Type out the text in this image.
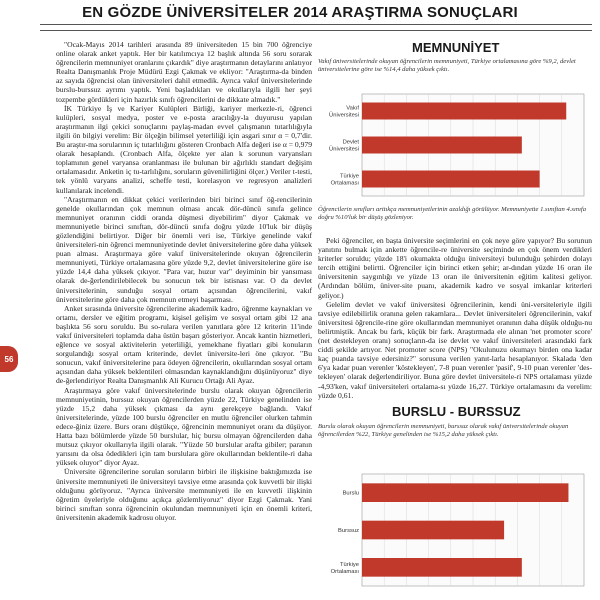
EN GÖZDE ÜNİVERSİTELER 2014 ARAŞTIRMA SONUÇLARI
56

"Ocak-Mayıs 2014 tarihleri arasında 89 üniversiteden 15 bin 700 öğrenciye online olarak anket yaptık. Her bir katılımcıya 12 başlık altında 56 soru sorarak öğrencilerin memnuniyet oranlarını çıkardık" diye araştırmanın detaylarını anlatıyor Realta Danışmanlık Proje Müdürü Ezgi Çakmak ve ekliyor: "Araştırma-da binden az sayıda öğrencisi olan üniversiteleri dahil etmedik. Ayrıca vakıf üniversitelerinde burslu-burssuz ayrımı yaptık. Yeni başladıkları ve okullarıyla ilgili her şeyi tozpembe gördükleri için hazırlık sınıfı öğrencilerini de dikkate almadık."

İK Türkiye İş ve Kariyer Kulüpleri Birliği, kariyer merkezle-ri, öğrenci kulüpleri, sosyal medya, poster ve e-posta aracılığıy-la duyurusu yapılan araştırmanın ilgi çekici sonuçlarını paylaş-madan evvel çalışmanın tutarlılığıyla ilgili ön bilgiyi verelim: Bir ölçeğin bilimsel yeterliliği için asgari sınır α = 0,7'dir. Bu araştır-ma sorularının iç tutarlılığını gösteren Cronbach Alfa değeri ise α = 0,979 olarak hesaplandı. (Cronbach Alfa, ölçekte yer alan k sorunun varyansları toplamının genel varyansa oranlanması ile bulunan bir ağırlıklı standart değişim ortalamasıdır. Anketin iç tu-tarlılığını, soruların güvenilirliğini ölçer.) Veriler t-testi, tek yönlü varyans analizi, scheffe testi, korelasyon ve regresyon analizleri kullanılarak incelendi.

"Araştırmanın en dikkat çekici verilerinden biri birinci sınıf öğ-rencilerinin genelde okullarından çok memnun olması ancak dör-düncü sınıfa gelince memnuniyet oranının ciddi oranda düşmesi diyebilirim" diyor Çakmak ve memnuniyetle birinci sınıftan, dör-düncü sınıfa doğru yüzde 10'luk bir düşüş gözlendiğini belirtiyor. Diğer bir önemli veri ise, Türkiye genelinde vakıf üniversiteleri-nin öğrenci memnuniyetinde devlet üniversitelerine göre daha yüksek puan alması. Araştırmaya göre vakıf üniversitelerinde okuyan öğrencilerin memnuniyeti, Türkiye ortalamasına göre yüzde 9,2, devlet üniversitelerine göre ise yüzde 14,4 daha yüksek çıkıyor. "Para var, huzur var" deyiminin bir yansıması olarak de-ğerlendirilebilecek bu sonucun tek bir istisnası var. O da devlet üniversitelerinin, sunduğu sosyal ortam açısından öğrencilerini, vakıf üniversitelerine göre daha çok memnun etmeyi başarması.

Anket sırasında üniversite öğrencilerine akademik kadro, öğrenme kaynakları ve ortamı, dersler ve eğitim programı, kişisel gelişim ve sosyal ortam gibi 12 ana başlıkta 56 soru soruldu. Bu so-rulara verilen yanıtlara göre 12 kriterin 11'inde vakıf üniversiteleri toplamda daha üstün başarı gösteriyor. Ancak kantin hizmetleri, eğlence ve sosyal aktivitelerin yeterliliği, yemekhane fiyatları gibi konuların sorgulandığı sosyal ortam kriterinde, devlet üniversite-leri öne çıkıyor. "Bu sonucun, vakıf üniversitelerine para ödeyen öğrencilerin, okullarından sosyal ortam açısından daha yüksek beklentileri olmasından kaynaklandığını düşünüyoruz" diye de-ğerlendiriyor Realta Danışmanlık Ali Kurucu Ortağı Ali Ayaz.

Araştırmaya göre vakıf üniversitelerinde burslu olarak okuyan öğrencilerin memnuniyetinin, burssuz okuyan öğrencilerden yüzde 22, Türkiye genelinden ise yüzde 15,2 daha yüksek çıkması da aynı gerekçeye bağlandı. Vakıf üniversitelerinde, yüzde 100 burslu öğrenciler en mutlu öğrenciler olurken tahmin edece-ğiniz üzere. Burs oranı düştükçe, öğrencinin memnuniyet oranı da düşüyor. Hatta bazı bölümlerde yüzde 50 burslular, hiç bursu olmayan öğrencilerden daha mutsuz çıkıyor okullarıyla ilgili olarak. "Yüzde 50 burslular arafta gibiler; paranın yarısını da olsa ödedikleri için tam burslulara göre okullarından beklentile-ri daha yüksek oluyor" diyor Ayaz.

Üniversite öğrencilerine sorulan soruların birbiri ile ilişkisine baktığımızda ise üniversite memnuniyeti ile üniversiteyi tavsiye etme arasında çok kuvvetli bir ilişki olduğunu görüyoruz. "Ayrıca üniversite memnuniyeti ile en kuvvetli ilişkinin öğretim üyeleriyle olduğunu açıkça gözlemliyoruz" diyor Ezgi Çakmak. Yani birinci sınıftan sonra öğrencinin okulundan memnuniyeti için en önemli kriteri, üniversitenin akademik kadrosu oluyor.

MEMNUNİYET
Vakıf üniversitelerinde okuyan öğrencilerin memnuniyeti, Türkiye ortalamasına göre %9,2, devlet üniversitelerine göre ise %14,4 daha yüksek çıktı.
Vakıf Üniversitesi
Devlet Üniversitesi
Türkiye Ortalaması
Öğrencilerin sınıfları arttıkça memnuniyetlerinin azaldığı görülüyor. Memnuniyette 1.sınıftan 4.sınıfa doğru %10'luk bir düşüş gözleniyor.

Peki öğrenciler, en başta üniversite seçimlerini en çok neye göre yapıyor? Bu sorunun yanıtını bulmak için ankette öğrencile-re üniversite seçiminde en çok önem verdikleri kriterler soruldu; yüzde 18'i okumakta olduğu üniversiteyi bulunduğu şehirden dolayı tercih ettiğini belirtti. Öğrenciler için birinci etken şehir; ar-dından yüzde 16 oran ile üniversitenin saygınlığı ve yüzde 13 oran ile üniversitenin eğitim kalitesi geliyor. (Ardından bölüm, üniver-site puanı, akademik kadro ve sosyal imkanlar kriterleri geliyor.)

Gelelim devlet ve vakıf üniversitesi öğrencilerinin, kendi üni-versiteleriyle ilgili tavsiye edilebilirlik oranına gelen rakamlara... Devlet üniversiteleri öğrencilerinin, vakıf üniversitesi öğrencile-rine göre okullarından memnuniyet oranının daha düşük olduğu-nu belirtmiştik. Ancak bu fark, küçük bir fark. Araştırmada ele alınan 'net promoter score' (net destekleyen oranı) sonuçların-da ise devlet ve vakıf üniversiteleri arasındaki fark ciddi şekilde artıyor. Net promoter score (NPS) "Okulunuzu okumayı birden ona kadar kaç puanda tavsiye edersiniz?" sorusuna verilen yanıt-larla hesaplanıyor. Skalada 'den 6'ya kadar puan verenler 'köstekleyen', 7-8 puan verenler 'pasif', 9-10 puan verenler 'des-tekleyen' olarak değerlendiriliyor. Buna göre devlet üniversitele-ri NPS ortalaması yüzde -4,93'ken, vakıf üniversiteleri ortalama-sı yüzde 16,27. Türkiye ortalamasını da verelim: yüzde 0,61.

BURSLU - BURSSUZ
Burslu olarak okuyan öğrencilerin memnuniyeti, burssuz olarak vakıf üniversitelerinde okuyan öğrencilerden %22, Türkiye genelinden ise %15,2 daha yüksek çıktı.
Burslu
Burssuz
Türkiye Ortalaması
